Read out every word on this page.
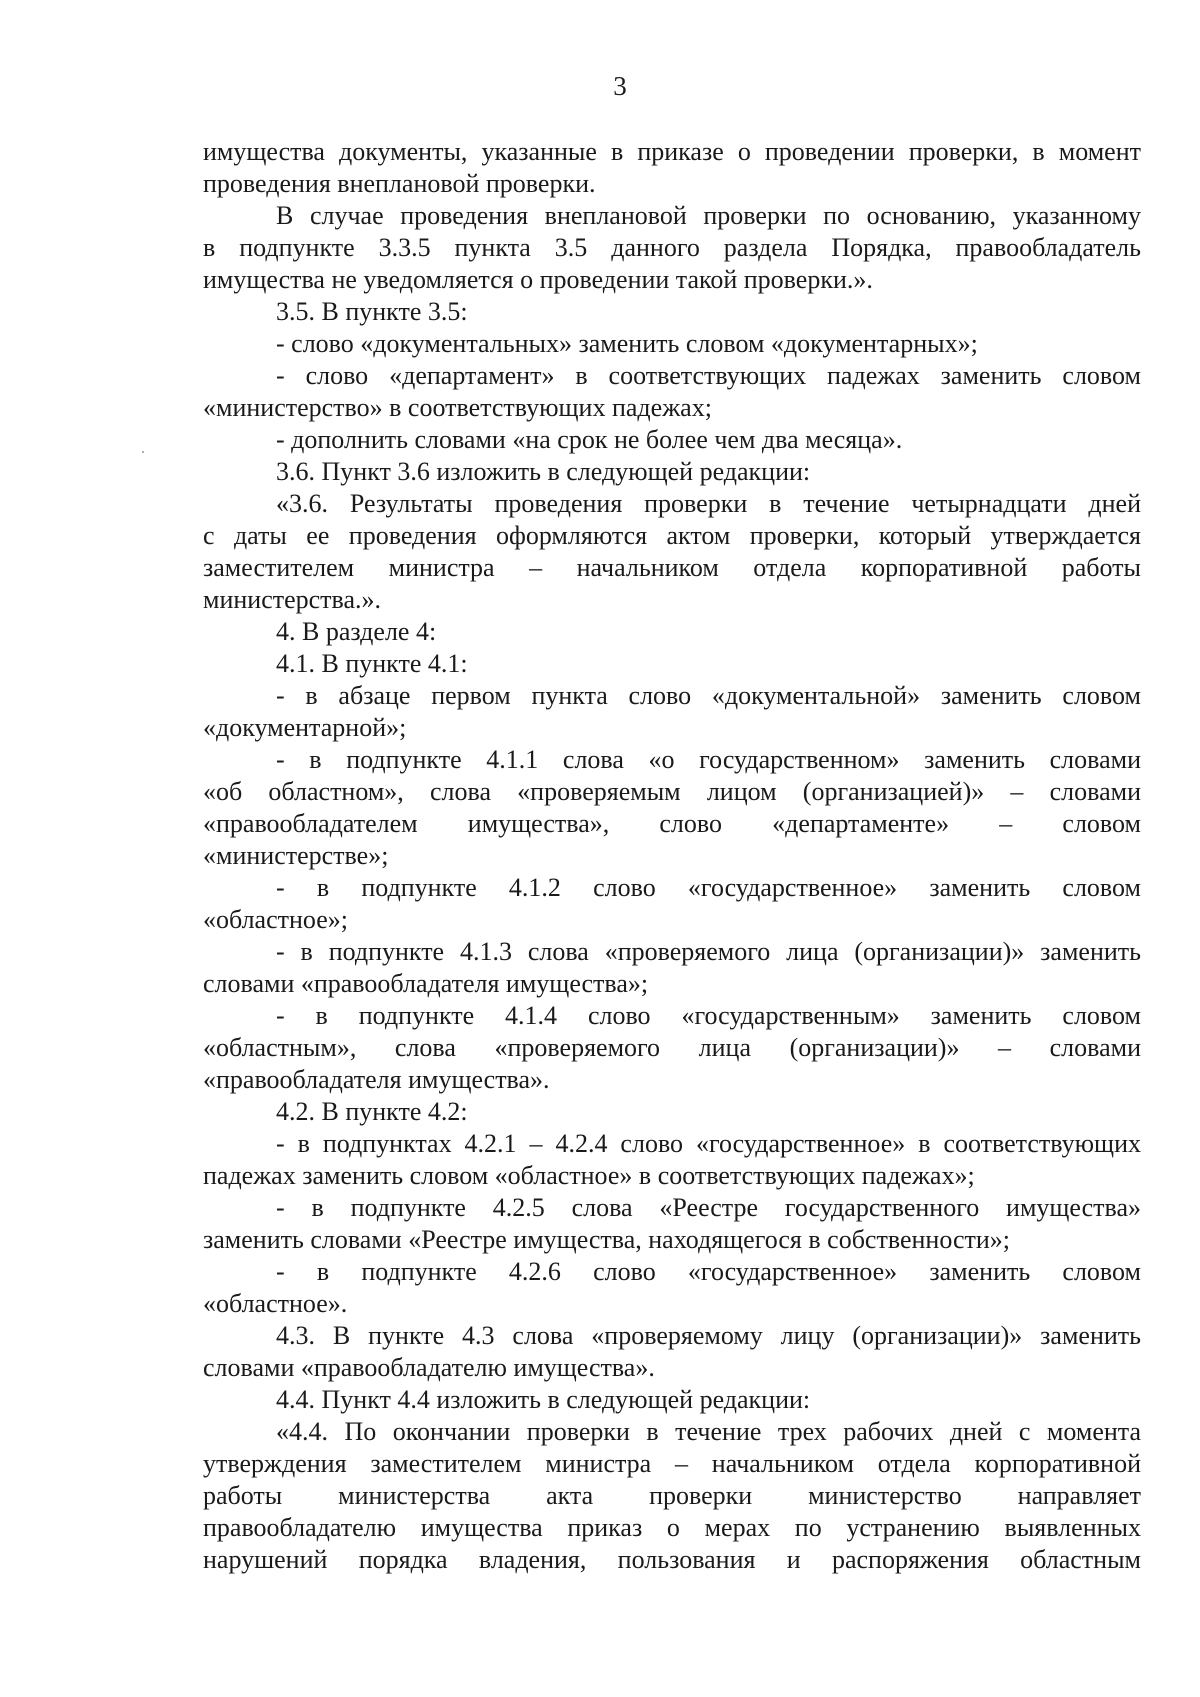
3
имущества документы, указанные в приказе о проведении проверки, в момент
проведения внеплановой проверки.
В случае проведения внеплановой проверки по основанию, указанному
в подпункте 3.3.5 пункта 3.5 данного раздела Порядка, правообладатель
имущества не уведомляется о проведении такой проверки.».
3.5. В пункте 3.5:
- слово «документальных» заменить словом «документарных»;
- слово «департамент» в соответствующих падежах заменить словом
«министерство» в соответствующих падежах;
- дополнить словами «на срок не более чем два месяца».
3.6. Пункт 3.6 изложить в следующей редакции:
«3.6. Результаты проведения проверки в течение четырнадцати дней
с даты ее проведения оформляются актом проверки, который утверждается
заместителем министра – начальником отдела корпоративной работы
министерства.».
4. В разделе 4:
4.1. В пункте 4.1:
- в абзаце первом пункта слово «документальной» заменить словом
«документарной»;
- в подпункте 4.1.1 слова «о государственном» заменить словами
«об областном», слова «проверяемым лицом (организацией)» – словами
«правообладателем имущества», слово «департаменте» – словом
«министерстве»;
- в подпункте 4.1.2 слово «государственное» заменить словом
«областное»;
- в подпункте 4.1.3 слова «проверяемого лица (организации)» заменить
словами «правообладателя имущества»;
- в подпункте 4.1.4 слово «государственным» заменить словом
«областным», слова «проверяемого лица (организации)» – словами
«правообладателя имущества».
4.2. В пункте 4.2:
- в подпунктах 4.2.1 – 4.2.4 слово «государственное» в соответствующих
падежах заменить словом «областное» в соответствующих падежах»;
- в подпункте 4.2.5 слова «Реестре государственного имущества»
заменить словами «Реестре имущества, находящегося в собственности»;
- в подпункте 4.2.6 слово «государственное» заменить словом
«областное».
4.3. В пункте 4.3 слова «проверяемому лицу (организации)» заменить
словами «правообладателю имущества».
4.4. Пункт 4.4 изложить в следующей редакции:
«4.4. По окончании проверки в течение трех рабочих дней с момента
утверждения заместителем министра – начальником отдела корпоративной
работы министерства акта проверки министерство направляет
правообладателю имущества приказ о мерах по устранению выявленных
нарушений порядка владения, пользования и распоряжения областным
